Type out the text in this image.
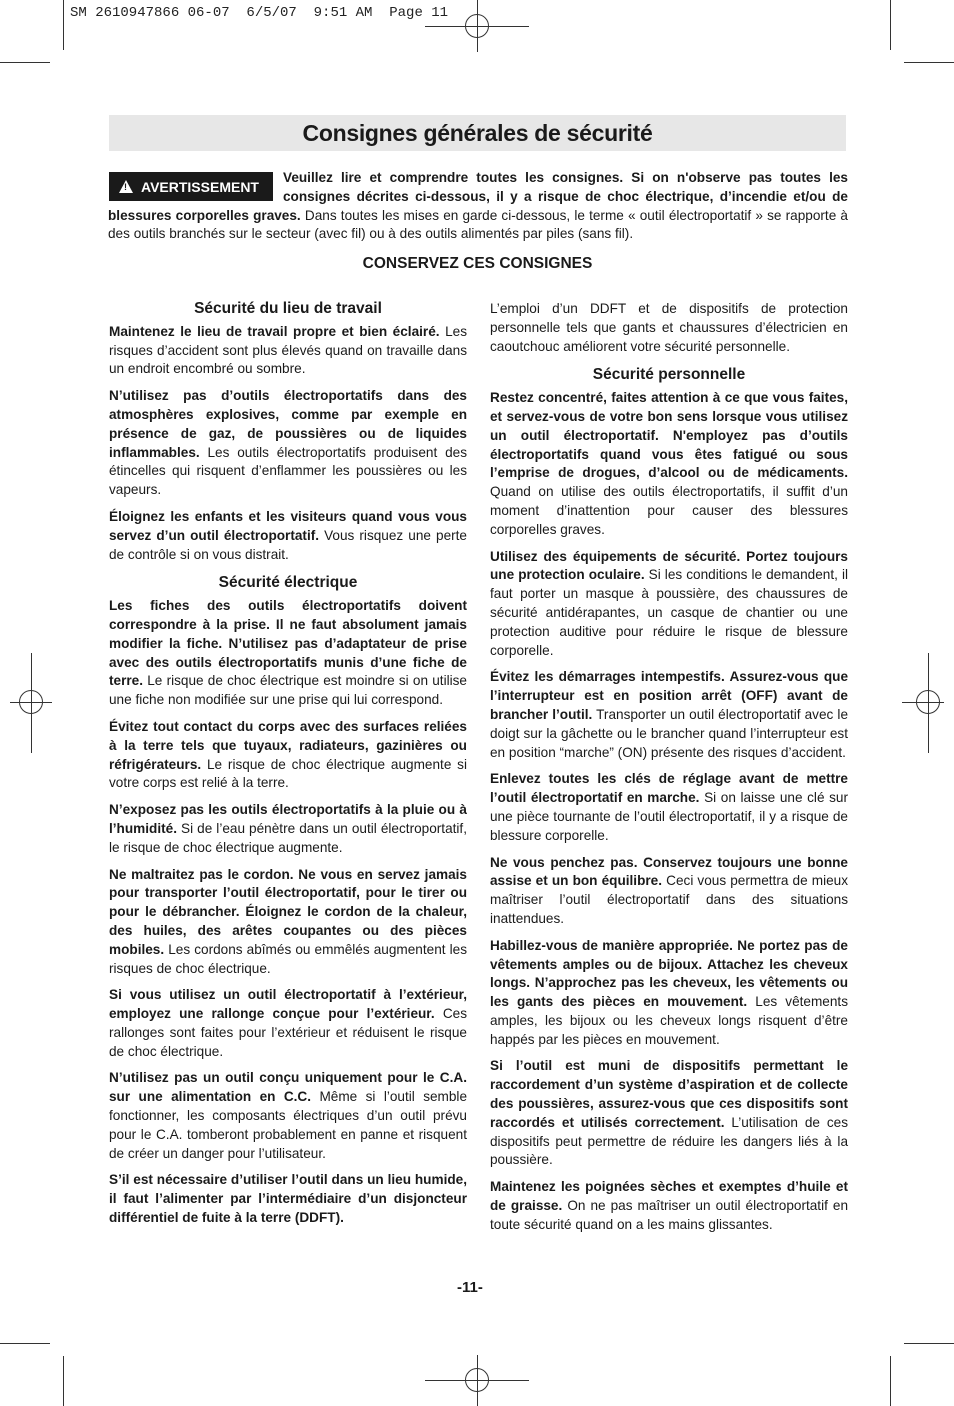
SM 2610947866 06-07  6/5/07  9:51 AM  Page 11
Consignes générales de sécurité
Veuillez lire et comprendre toutes les consignes. Si on n'observe pas toutes les consignes décrites ci-dessous, il y a risque de choc électrique, d’incendie et/ou de blessures corporelles graves. Dans toutes les mises en garde ci-dessous, le terme « outil électroportatif » se rapporte à des outils branchés sur le secteur (avec fil) ou à des outils alimentés par piles (sans fil).
! AVERTISSEMENT
CONSERVEZ CES CONSIGNES
Sécurité du lieu de travail

Maintenez le lieu de travail propre et bien éclairé. Les risques d’accident sont plus élevés quand on travaille dans un endroit encombré ou sombre.

N’utilisez pas d’outils électroportatifs dans des atmosphères explosives, comme par exemple en présence de gaz, de poussières ou de liquides inflammables. Les outils électroportatifs produisent des étincelles qui risquent d’enflammer les poussières ou les vapeurs.

Éloignez les enfants et les visiteurs quand vous vous servez d’un outil électroportatif. Vous risquez une perte de contrôle si on vous distrait.

Sécurité électrique

Les fiches des outils électroportatifs doivent correspondre à la prise. Il ne faut absolument jamais modifier la fiche. N’utilisez pas d’adaptateur de prise avec des outils électroportatifs munis d’une fiche de terre. Le risque de choc électrique est moindre si on utilise une fiche non modifiée sur une prise qui lui correspond.

Évitez tout contact du corps avec des surfaces reliées à la terre tels que tuyaux, radiateurs, gazinières ou réfrigérateurs. Le risque de choc électrique augmente si votre corps est relié à la terre.

N’exposez pas les outils électroportatifs à la pluie ou à l’humidité. Si de l’eau pénètre dans un outil électroportatif, le risque de choc électrique augmente.

Ne maltraitez pas le cordon. Ne vous en servez jamais pour transporter l’outil électroportatif, pour le tirer ou pour le débrancher. Éloignez le cordon de la chaleur, des huiles, des arêtes coupantes ou des pièces mobiles. Les cordons abîmés ou emmêlés augmentent les risques de choc électrique.

Si vous utilisez un outil électroportatif à l’extérieur, employez une rallonge conçue pour l’extérieur. Ces rallonges sont faites pour l’extérieur et réduisent le risque de choc électrique.

N’utilisez pas un outil conçu uniquement pour le C.A. sur une alimentation en C.C. Même si l’outil semble fonctionner, les composants électriques d’un outil prévu pour le C.A. tomberont probablement en panne et risquent de créer un danger pour l’utilisateur.

S’il est nécessaire d’utiliser l’outil dans un lieu humide, il faut l’alimenter par l’intermédiaire d’un disjoncteur différentiel de fuite à la terre (DDFT).

L’emploi d’un DDFT et de dispositifs de protection personnelle tels que gants et chaussures d’électricien en caoutchouc améliorent votre sécurité personnelle.

Sécurité personnelle

Restez concentré, faites attention à ce que vous faites, et servez-vous de votre bon sens lorsque vous utilisez un outil électroportatif. N'employez pas d’outils électroportatifs quand vous êtes fatigué ou sous l’emprise de drogues, d’alcool ou de médicaments. Quand on utilise des outils électroportatifs, il suffit d’un moment d’inattention pour causer des blessures corporelles graves.

Utilisez des équipements de sécurité. Portez toujours une protection oculaire. Si les conditions le demandent, il faut porter un masque à poussière, des chaussures de sécurité antidérapantes, un casque de chantier ou une protection auditive pour réduire le risque de blessure corporelle.

Évitez les démarrages intempestifs. Assurez-vous que l’interrupteur est en position arrêt (OFF) avant de brancher l’outil. Transporter un outil électroportatif avec le doigt sur la gâchette ou le brancher quand l’interrupteur est en position “marche” (ON) présente des risques d’accident.

Enlevez toutes les clés de réglage avant de mettre l’outil électroportatif en marche. Si on laisse une clé sur une pièce tournante de l’outil électroportatif, il y a risque de blessure corporelle.

Ne vous penchez pas. Conservez toujours une bonne assise et un bon équilibre. Ceci vous permettra de mieux maîtriser l’outil électroportatif dans des situations inattendues.

Habillez-vous de manière appropriée. Ne portez pas de vêtements amples ou de bijoux. Attachez les cheveux longs. N’approchez pas les cheveux, les vêtements ou les gants des pièces en mouvement. Les vêtements amples, les bijoux ou les cheveux longs risquent d’être happés par les pièces en mouvement.

Si l’outil est muni de dispositifs permettant le raccordement d’un système d’aspiration et de collecte des poussières, assurez-vous que ces dispositifs sont raccordés et utilisés correctement. L’utilisation de ces dispositifs peut permettre de réduire les dangers liés à la poussière.

Maintenez les poignées sèches et exemptes d’huile et de graisse. On ne pas maîtriser un outil électroportatif en toute sécurité quand on a les mains glissantes.

-11-
